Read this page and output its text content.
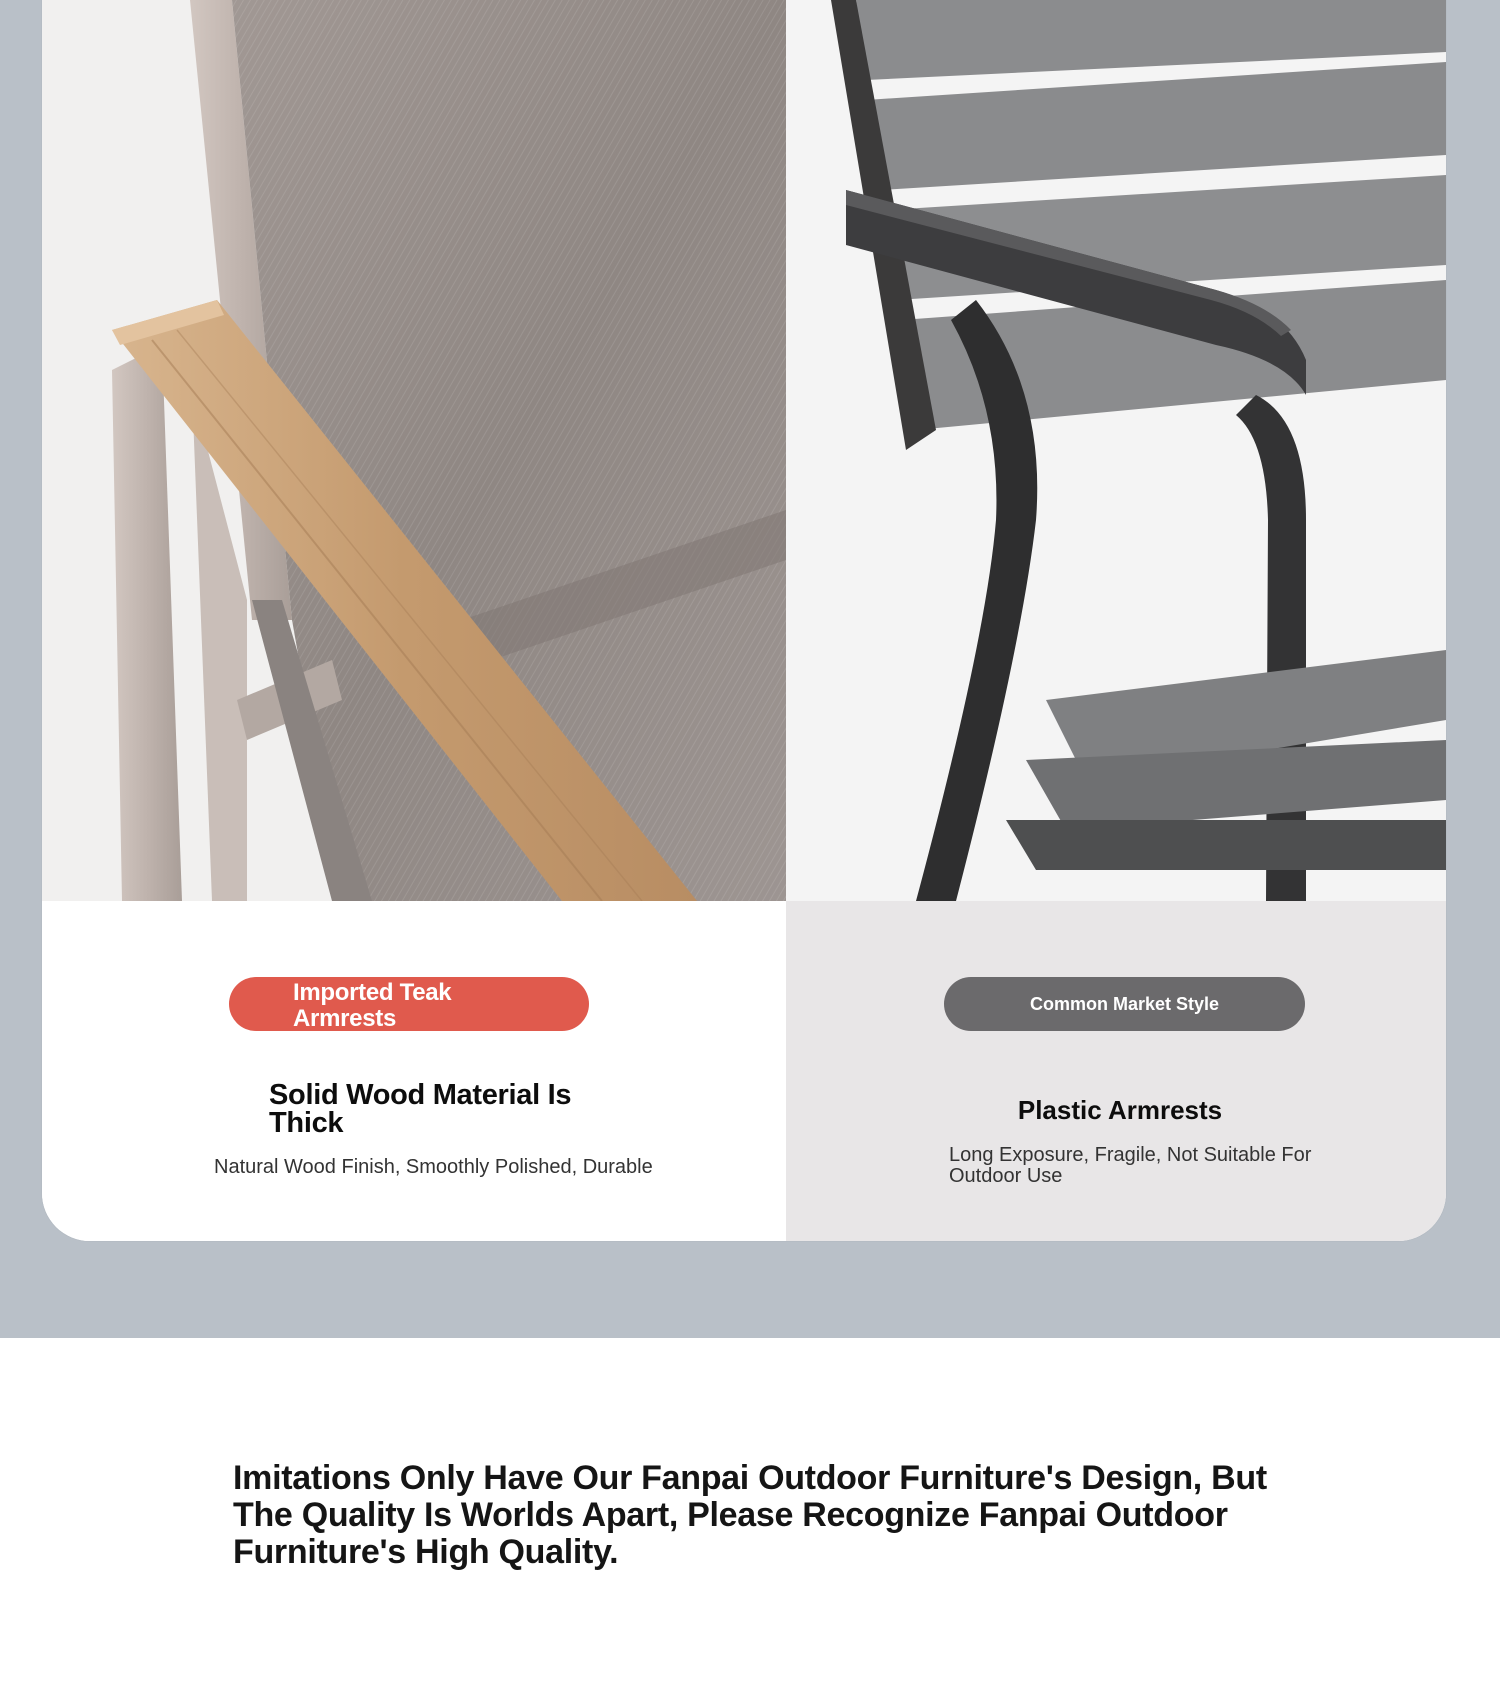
Imported Teak Armrests
Solid Wood Material Is Thick
Natural Wood Finish, Smoothly Polished, Durable
Common Market Style
Plastic Armrests
Long Exposure, Fragile, Not Suitable For Outdoor Use
Imitations Only Have Our Fanpai Outdoor Furniture's Design, But The Quality Is Worlds Apart, Please Recognize Fanpai Outdoor Furniture's High Quality.
